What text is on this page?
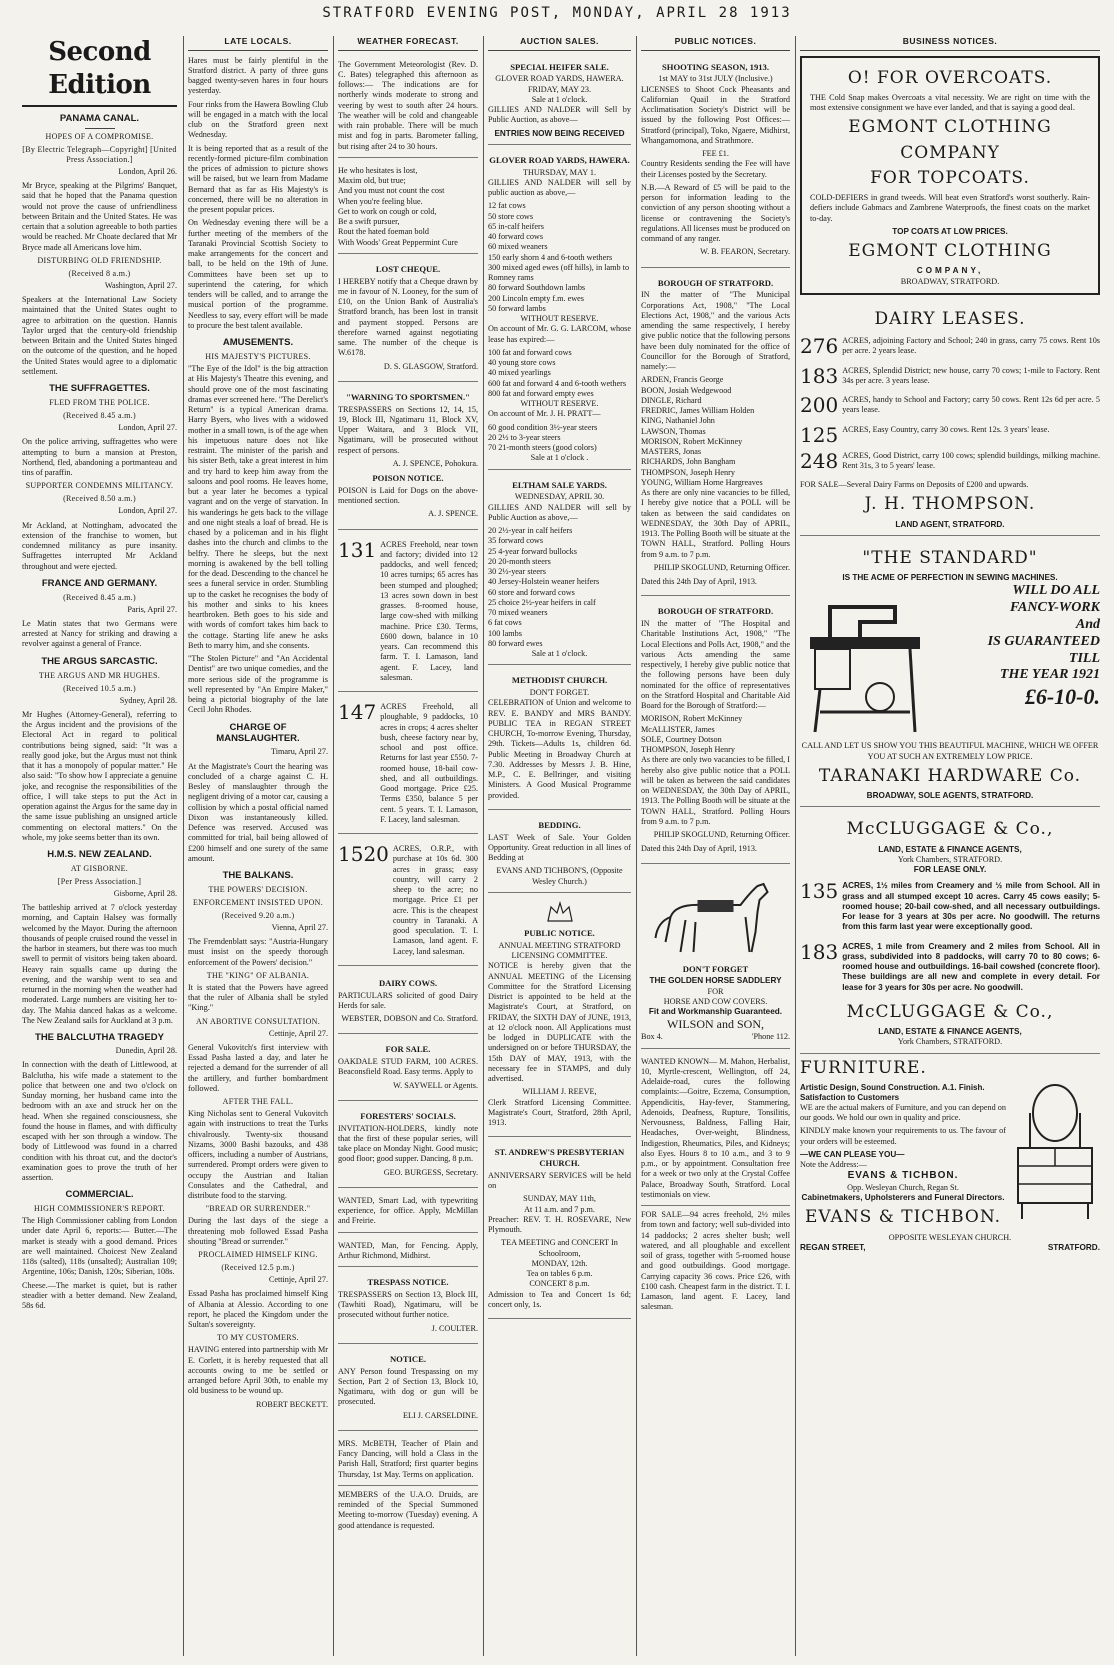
STRATFORD EVENING POST, MONDAY, APRIL 28 1913
Second Edition
PANAMA CANAL.
HOPES OF A COMPROMISE.
[By Electric Telegraph—Copyright] [United Press Association.]
London, April 26.
Mr Bryce, speaking at the Pilgrims' Banquet, said that he hoped that the Panama question would not prove the cause of unfriendliness between Britain and the United States. He was certain that a solution agreeable to both parties would be reached. Mr Choate declared that Mr Bryce made all Americans love him.
DISTURBING OLD FRIENDSHIP.
(Received 8 a.m.)
Washington, April 27.
Speakers at the International Law Society maintained that the United States ought to agree to arbitration on the question. Hannis Taylor urged that the century-old friendship between Britain and the United States hinged on the outcome of the question, and he hoped the United States would agree to a diplomatic settlement.
THE SUFFRAGETTES.
FLED FROM THE POLICE.
(Received 8.45 a.m.)
London, April 27.
On the police arriving, suffragettes who were attempting to burn a mansion at Preston, Northend, fled, abandoning a portmanteau and tins of paraffin.
SUPPORTER CONDEMNS MILITANCY.
(Received 8.50 a.m.)
London, April 27.
Mr Ackland, at Nottingham, advocated the extension of the franchise to women, but condemned militancy as pure insanity. Suffragettes interrupted Mr Ackland throughout and were ejected.
FRANCE AND GERMANY.
(Received 8.45 a.m.)
Paris, April 27.
Le Matin states that two Germans were arrested at Nancy for striking and drawing a revolver against a general of France.
THE ARGUS SARCASTIC.
THE ARGUS AND MR HUGHES.
(Received 10.5 a.m.)
Sydney, April 28.
Mr Hughes (Attorney-General), referring to the Argus incident and the provisions of the Electoral Act in regard to political contributions being signed, said: "It was a really good joke, but the Argus must not think that it has a monopoly of popular matter." He also said: "To show how I appreciate a genuine joke, and recognise the responsibilities of the office, I will take steps to put the Act in operation against the Argus for the same day in the same issue publishing an unsigned article commenting on electoral matters." On the whole, my joke seems better than its own.
H.M.S. NEW ZEALAND.
AT GISBORNE.
[Per Press Association.]
Gisborne, April 28.
The battleship arrived at 7 o'clock yesterday morning, and Captain Halsey was formally welcomed by the Mayor. During the afternoon thousands of people cruised round the vessel in the harbor in steamers, but there was too much swell to permit of visitors being taken aboard. Heavy rain squalls came up during the evening, and the warship went to sea and returned in the morning when the weather had moderated. Large numbers are visiting her to-day. The Mahia danced hakas as a welcome. The New Zealand sails for Auckland at 3 p.m.
THE BALCLUTHA TRAGEDY
Dunedin, April 28.
In connection with the death of Littlewood, at Balclutha, his wife made a statement to the police that between one and two o'clock on Sunday morning, her husband came into the bedroom with an axe and struck her on the head. When she regained consciousness, she found the house in flames, and with difficulty escaped with her son through a window. The body of Littlewood was found in a charred condition with his throat cut, and the doctor's examination goes to prove the truth of her assertion.
COMMERCIAL.
HIGH COMMISSIONER'S REPORT.
The High Commissioner cabling from London under date April 6, reports:— Butter.—The market is steady with a good demand. Prices are well maintained. Choicest New Zealand 118s (salted), 118s (unsalted); Australian 109; Argentine, 106s; Danish, 120s; Siberian, 108s.
Cheese.—The market is quiet, but is rather steadier with a better demand. New Zealand, 58s 6d.
LATE LOCALS.
Hares must be fairly plentiful in the Stratford district. A party of three guns bagged twenty-seven hares in four hours yesterday.
Four rinks from the Hawera Bowling Club will be engaged in a match with the local club on the Stratford green next Wednesday.
It is being reported that as a result of the recently-formed picture-film combination the prices of admission to picture shows will be raised, but we learn from Madame Bernard that as far as His Majesty's is concerned, there will be no alteration in the present popular prices.
On Wednesday evening there will be a further meeting of the members of the Taranaki Provincial Scottish Society to make arrangements for the concert and ball, to be held on the 19th of June. Committees have been set up to superintend the catering, for which tenders will be called, and to arrange the musical portion of the programme. Needless to say, every effort will be made to procure the best talent available.
AMUSEMENTS.
HIS MAJESTY'S PICTURES.
"The Eye of the Idol" is the big attraction at His Majesty's Theatre this evening, and should prove one of the most fascinating dramas ever screened here. "The Derelict's Return" is a typical American drama. Harry Byers, who lives with a widowed mother in a small town, is of the age when his impetuous nature does not like restraint. The minister of the parish and his sister Beth, take a great interest in him and try hard to keep him away from the saloons and pool rooms. He leaves home, but a year later he becomes a typical vagrant and on the verge of starvation. In his wanderings he gets back to the village and one night steals a loaf of bread. He is chased by a policeman and in his flight dashes into the church and climbs to the belfry. There he sleeps, but the next morning is awakened by the bell tolling for the dead. Descending to the chancel he sees a funeral service in order. Stumbling up to the casket he recognises the body of his mother and sinks to his knees heartbroken. Beth goes to his side and with words of comfort takes him back to the cottage. Starting life anew he asks Beth to marry him, and she consents.
"The Stolen Picture" and "An Accidental Dentist" are two unique comedies, and the more serious side of the programme is well represented by "An Empire Maker," being a pictorial biography of the late Cecil John Rhodes.
CHARGE OF MANSLAUGHTER.
Timaru, April 27.
At the Magistrate's Court the hearing was concluded of a charge against C. H. Besley of manslaughter through the negligent driving of a motor car, causing a collision by which a postal official named Dixon was instantaneously killed. Defence was reserved. Accused was committed for trial, bail being allowed of £200 himself and one surety of the same amount.
THE BALKANS.
THE POWERS' DECISION.
ENFORCEMENT INSISTED UPON.
(Received 9.20 a.m.)
Vienna, April 27.
The Fremdenblatt says: "Austria-Hungary must insist on the speedy thorough enforcement of the Powers' decision."
THE "KING" OF ALBANIA.
It is stated that the Powers have agreed that the ruler of Albania shall be styled "King."
AN ABORTIVE CONSULTATION.
Cettinje, April 27.
General Vukovitch's first interview with Essad Pasha lasted a day, and later he rejected a demand for the surrender of all the artillery, and further bombardment followed.
AFTER THE FALL.
King Nicholas sent to General Vukovitch again with instructions to treat the Turks chivalrously. Twenty-six thousand Nizams, 3000 Bashi bazouks, and 438 officers, including a number of Austrians, surrendered. Prompt orders were given to occupy the Austrian and Italian Consulates and the Cathedral, and distribute food to the starving.
"BREAD OR SURRENDER."
During the last days of the siege a threatening mob followed Essad Pasha shouting "Bread or surrender."
PROCLAIMED HIMSELF KING.
(Received 12.5 p.m.)
Cettinje, April 27.
Essad Pasha has proclaimed himself King of Albania at Alessio. According to one report, he placed the Kingdom under the Sultan's sovereignty.
TO MY CUSTOMERS.
HAVING entered into partnership with Mr E. Corlett, it is hereby requested that all accounts owing to me be settled or arranged before April 30th, to enable my old business to be wound up.
ROBERT BECKETT.
WEATHER FORECAST.
The Government Meteorologist (Rev. D. C. Bates) telegraphed this afternoon as follows:— The indications are for northerly winds moderate to strong and veering by west to south after 24 hours. The weather will be cold and changeable with rain probable. There will be much mist and fog in parts. Barometer falling, but rising after 24 to 30 hours.
He who hesitates is lost,
Maxim old, but true;
And you must not count the cost
When you're feeling blue.
Get to work on cough or cold,
Be a swift pursuer,
Rout the hated foeman bold
With Woods' Great Peppermint Cure
LOST CHEQUE.
I HEREBY notify that a Cheque drawn by me in favour of N. Looney, for the sum of £10, on the Union Bank of Australia's Stratford branch, has been lost in transit and payment stopped. Persons are therefore warned against negotiating same. The number of the cheque is W.6178.
D. S. GLASGOW, Stratford.
"WARNING TO SPORTSMEN."
TRESPASSERS on Sections 12, 14, 15, 19, Block III, Ngatimaru 11, Block XV, Upper Waitara, and 3 Block VII, Ngatimaru, will be prosecuted without respect of persons.
A. J. SPENCE, Pohokura.
POISON NOTICE.
POISON is Laid for Dogs on the above-mentioned section.
A. J. SPENCE.
131 ACRES Freehold, near town and factory; divided into 12 paddocks, and well fenced; 10 acres turnips; 65 acres has been stumped and ploughed; 13 acres sown down in best grasses. 8-roomed house, large cow-shed with milking machine. Price £30. Terms, £600 down, balance in 10 years. Can recommend this farm. T. I. Lamason, land agent. F. Lacey, land salesman.
147 ACRES Freehold, all ploughable, 9 paddocks, 10 acres in crops; 4 acres shelter bush, cheese factory near by, school and post office. Returns for last year £550. 7-roomed house, 18-bail cow-shed, and all outbuildings. Good mortgage. Price £25. Terms £350, balance 5 per cent. 5 years. T. I. Lamason, F. Lacey, land salesman.
1520 ACRES, O.R.P., with purchase at 10s 6d. 300 acres in grass; easy country, will carry 2 sheep to the acre; no mortgage. Price £1 per acre. This is the cheapest country in Taranaki. A good speculation. T. I. Lamason, land agent. F. Lacey, land salesman.
DAIRY COWS.
PARTICULARS solicited of good Dairy Herds for sale.
WEBSTER, DOBSON and Co. Stratford.
FOR SALE.
OAKDALE STUD FARM, 100 ACRES. Beaconsfield Road. Easy terms. Apply to
W. SAYWELL or Agents.
FORESTERS' SOCIALS.
INVITATION-HOLDERS, kindly note that the first of these popular series, will take place on Monday Night. Good music; good floor; good supper. Dancing, 8 p.m.
GEO. BURGESS, Secretary.
WANTED, Smart Lad, with typewriting experience, for office. Apply, McMillan and Freirie.
WANTED, Man, for Fencing. Apply, Arthur Richmond, Midhirst.
TRESPASS NOTICE.
TRESPASSERS on Section 13, Block III, (Tawhiti Road), Ngatimaru, will be prosecuted without further notice.
J. COULTER.
NOTICE.
ANY Person found Trespassing on my Section, Part 2 of Section 13, Block 10, Ngatimaru, with dog or gun will be prosecuted.
ELI J. CARSELDINE.
MRS. McBETH, Teacher of Plain and Fancy Dancing, will hold a Class in the Parish Hall, Stratford; first quarter begins Thursday, 1st May. Terms on application.
MEMBERS of the U.A.O. Druids, are reminded of the Special Summoned Meeting to-morrow (Tuesday) evening. A good attendance is requested.
AUCTION SALES.
SPECIAL HEIFER SALE.
GLOVER ROAD YARDS, HAWERA.
FRIDAY, MAY 23.
Sale at 1 o'clock.
GILLIES AND NALDER will Sell by Public Auction, as above—
ENTRIES NOW BEING RECEIVED
GLOVER ROAD YARDS, HAWERA.
THURSDAY, MAY 1.
GILLIES AND NALDER will sell by public auction as above,—
12 fat cows
50 store cows
65 in-calf heifers
40 forward cows
60 mixed weaners
150 early shorn 4 and 6-tooth wethers
300 mixed aged ewes (off hills), in lamb to Romney rams
80 forward Southdown lambs
200 Lincoln empty f.m. ewes
50 forward lambs
WITHOUT RESERVE.
On account of Mr. G. G. LARCOM, whose lease has expired:—
100 fat and forward cows
40 young store cows
40 mixed yearlings
600 fat and forward 4 and 6-tooth wethers
800 fat and forward empty ewes
WITHOUT RESERVE.
On account of Mr. J. H. PRATT—
60 good condition 3½-year steers
20 2½ to 3-year steers
70 21-month steers (good colors)
Sale at 1 o'clock .
ELTHAM SALE YARDS.
WEDNESDAY, APRIL 30.
GILLIES AND NALDER will sell by Public Auction as above,—
20 2½-year in calf heifers
35 forward cows
25 4-year forward bullocks
20 20-month steers
30 2½-year steers
40 Jersey-Holstein weaner heifers
60 store and forward cows
25 choice 2½-year heifers in calf
70 mixed weaners
6 fat cows
100 lambs
80 forward ewes
Sale at 1 o'clock.
METHODIST CHURCH.
DON'T FORGET.
CELEBRATION of Union and welcome to REV. E. BANDY and MRS BANDY. PUBLIC TEA in REGAN STREET CHURCH, To-morrow Evening, Thursday, 29th. Tickets—Adults 1s, children 6d. Public Meeting in Broadway Church at 7.30. Addresses by Messrs J. B. Hine, M.P., C. E. Bellringer, and visiting Ministers. A Good Musical Programme provided.
BEDDING.
LAST Week of Sale. Your Golden Opportunity. Great reduction in all lines of Bedding at
EVANS AND TICHBON'S, (Opposite Wesley Church.)
PUBLIC NOTICE.
ANNUAL MEETING STRATFORD LICENSING COMMITTEE.
NOTICE is hereby given that the ANNUAL MEETING of the Licensing Committee for the Stratford Licensing District is appointed to be held at the Magistrate's Court, at Stratford, on FRIDAY, the SIXTH DAY of JUNE, 1913, at 12 o'clock noon. All Applications must be lodged in DUPLICATE with the undersigned on or before THURSDAY, the 15th DAY of MAY, 1913, with the necessary fee in STAMPS, and duly advertised.
WILLIAM J. REEVE,
Clerk Stratford Licensing Committee. Magistrate's Court, Stratford, 28th April, 1913.
ST. ANDREW'S PRESBYTERIAN CHURCH.
ANNIVERSARY SERVICES will be held on
SUNDAY, MAY 11th,
At 11 a.m. and 7 p.m.
Preacher: REV. T. H. ROSEVARE, New Plymouth.
TEA MEETING and CONCERT In Schoolroom,
MONDAY, 12th.
Tea on tables 6 p.m.
CONCERT 8 p.m.
Admission to Tea and Concert 1s 6d; concert only, 1s.
PUBLIC NOTICES.
SHOOTING SEASON, 1913.
1st MAY to 31st JULY (Inclusive.)
LICENSES to Shoot Cock Pheasants and Californian Quail in the Stratford Acclimatisation Society's District will be issued by the following Post Offices:— Stratford (principal), Toko, Ngaere, Midhirst, Whangamomona, and Strathmore.
FEE £1.
Country Residents sending the Fee will have their Licenses posted by the Secretary.
N.B.—A Reward of £5 will be paid to the person for information leading to the conviction of any person shooting without a license or contravening the Society's regulations. All licenses must be produced on command of any ranger.
W. B. FEARON, Secretary.
BOROUGH OF STRATFORD.
IN the matter of "The Municipal Corporations Act, 1908," "The Local Elections Act, 1908," and the various Acts amending the same respectively, I hereby give public notice that the following persons have been duly nominated for the office of Councillor for the Borough of Stratford, namely:—
ARDEN, Francis George
BOON, Josiah Wedgewood
DINGLE, Richard
FREDRIC, James William Holden
KING, Nathaniel John
LAWSON, Thomas
MORISON, Robert McKinney
MASTERS, Jonas
RICHARDS, John Bangham
THOMPSON, Joseph Henry
YOUNG, William Horne Hargreaves
As there are only nine vacancies to be filled, I hereby give notice that a POLL will be taken as between the said candidates on WEDNESDAY, the 30th Day of APRIL, 1913. The Polling Booth will be situate at the TOWN HALL, Stratford. Polling Hours from 9 a.m. to 7 p.m.
PHILIP SKOGLUND, Returning Officer.
Dated this 24th Day of April, 1913.
BOROUGH OF STRATFORD.
IN the matter of "The Hospital and Charitable Institutions Act, 1908," "The Local Elections and Polls Act, 1908," and the various Acts amending the same respectively, I hereby give public notice that the following persons have been duly nominated for the office of representatives on the Stratford Hospital and Charitable Aid Board for the Borough of Stratford:—
MORISON, Robert McKinney
McALLISTER, James
SOLE, Courtney Dotson
THOMPSON, Joseph Henry
As there are only two vacancies to be filled, I hereby also give public notice that a POLL will be taken as between the said candidates on WEDNESDAY, the 30th Day of APRIL, 1913. The Polling Booth will be situate at the TOWN HALL, Stratford. Polling Hours from 9 a.m. to 7 p.m.
PHILIP SKOGLUND, Returning Officer.
Dated this 24th Day of April, 1913.
DON'T FORGET
THE GOLDEN HORSE SADDLERY
FOR
HORSE AND COW COVERS.
Fit and Workmanship Guaranteed.
WILSON and SON,
Box 4.	'Phone 112.
WANTED KNOWN— M. Mahon, Herbalist, 10, Myrtle-crescent, Wellington, off 24, Adelaide-road, cures the following complaints:—Goitre, Eczema, Consumption, Appendicitis, Hay-fever, Stammering, Adenoids, Deafness, Rupture, Tonsilitis, Nervousness, Baldness, Falling Hair, Headaches, Over-weight, Blindness, Indigestion, Rheumatics, Piles, and Kidneys; also Eyes. Hours 8 to 10 a.m., and 3 to 9 p.m., or by appointment. Consultation free for a week or two only at the Crystal Coffee Palace, Broadway South, Stratford. Local testimonials on view.
FOR SALE—94 acres freehold, 2½ miles from town and factory; well sub-divided into 14 paddocks; 2 acres shelter bush; well watered, and all ploughable and excellent soil of grass, together with 5-roomed house and good outbuildings. Good mortgage. Carrying capacity 36 cows. Price £26, with £100 cash. Cheapest farm in the district. T. I. Lamason, land agent. F. Lacey, land salesman.
BUSINESS NOTICES.
O! FOR OVERCOATS.
THE Cold Snap makes Overcoats a vital necessity. We are right on time with the most extensive consignment we have ever landed, and that is saying a good deal.
EGMONT CLOTHING
COMPANY
FOR TOPCOATS.
COLD-DEFIERS in grand tweeds. Will beat even Stratford's worst southerly. Rain-defiers include Gabmacs and Zambrene Waterproofs, the finest coats on the market to-day.
TOP COATS AT LOW PRICES.
EGMONT CLOTHING
COMPANY,
BROADWAY, STRATFORD.
DAIRY LEASES.
276 ACRES, adjoining Factory and School; 240 in grass, carry 75 cows. Rent 10s per acre. 2 years lease.
183 ACRES, Splendid District; new house, carry 70 cows; 1-mile to Factory. Rent 34s per acre. 3 years lease.
200 ACRES, handy to School and Factory; carry 50 cows. Rent 12s 6d per acre. 5 years lease.
125 ACRES, Easy Country, carry 30 cows. Rent 12s. 3 years' lease.
248 ACRES, Good District, carry 100 cows; splendid buildings, milking machine. Rent 31s, 3 to 5 years' lease.
FOR SALE—Several Dairy Farms on Deposits of £200 and upwards.
J. H. THOMPSON.
LAND AGENT, STRATFORD.
"THE STANDARD"
IS THE ACME OF PERFECTION IN SEWING MACHINES.
WILL DO ALL
FANCY-WORK
And
IS GUARANTEED
TILL
THE YEAR 1921
£6-10-0.
CALL AND LET US SHOW YOU THIS BEAUTIFUL MACHINE, WHICH WE OFFER YOU AT SUCH AN EXTREMELY LOW PRICE.
TARANAKI HARDWARE Co.
BROADWAY, SOLE AGENTS, STRATFORD.
McCLUGGAGE & Co.,
LAND, ESTATE & FINANCE AGENTS,
York Chambers, STRATFORD.
FOR LEASE ONLY.
135 ACRES, 1½ miles from Creamery and ½ mile from School. All in grass and all stumped except 10 acres. Carry 45 cows easily; 5-roomed house; 20-bail cow-shed, and all necessary outbuildings. For lease for 3 years at 30s per acre. No goodwill. The returns from this farm last year were exceptionally good.
183 ACRES, 1 mile from Creamery and 2 miles from School. All in grass, subdivided into 8 paddocks, will carry 70 to 80 cows; 6-roomed house and outbuildings. 16-bail cowshed (concrete floor). These buildings are all new and complete in every detail. For lease for 3 years for 30s per acre. No goodwill.
McCLUGGAGE & Co.,
LAND, ESTATE & FINANCE AGENTS,
York Chambers, STRATFORD.
FURNITURE.
Artistic Design, Sound Construction. A.1. Finish. Satisfaction to Customers
WE are the actual makers of Furniture, and you can depend on our goods. We hold our own in quality and price.
KINDLY make known your requirements to us. The favour of your orders will be esteemed.
—WE CAN PLEASE YOU—
Note the Address:—
EVANS & TICHBON.
Opp. Wesleyan Church, Regan St.
Cabinetmakers, Upholsterers and Funeral Directors.
EVANS & TICHBON.
OPPOSITE WESLEYAN CHURCH.
REGAN STREET,	STRATFORD.
